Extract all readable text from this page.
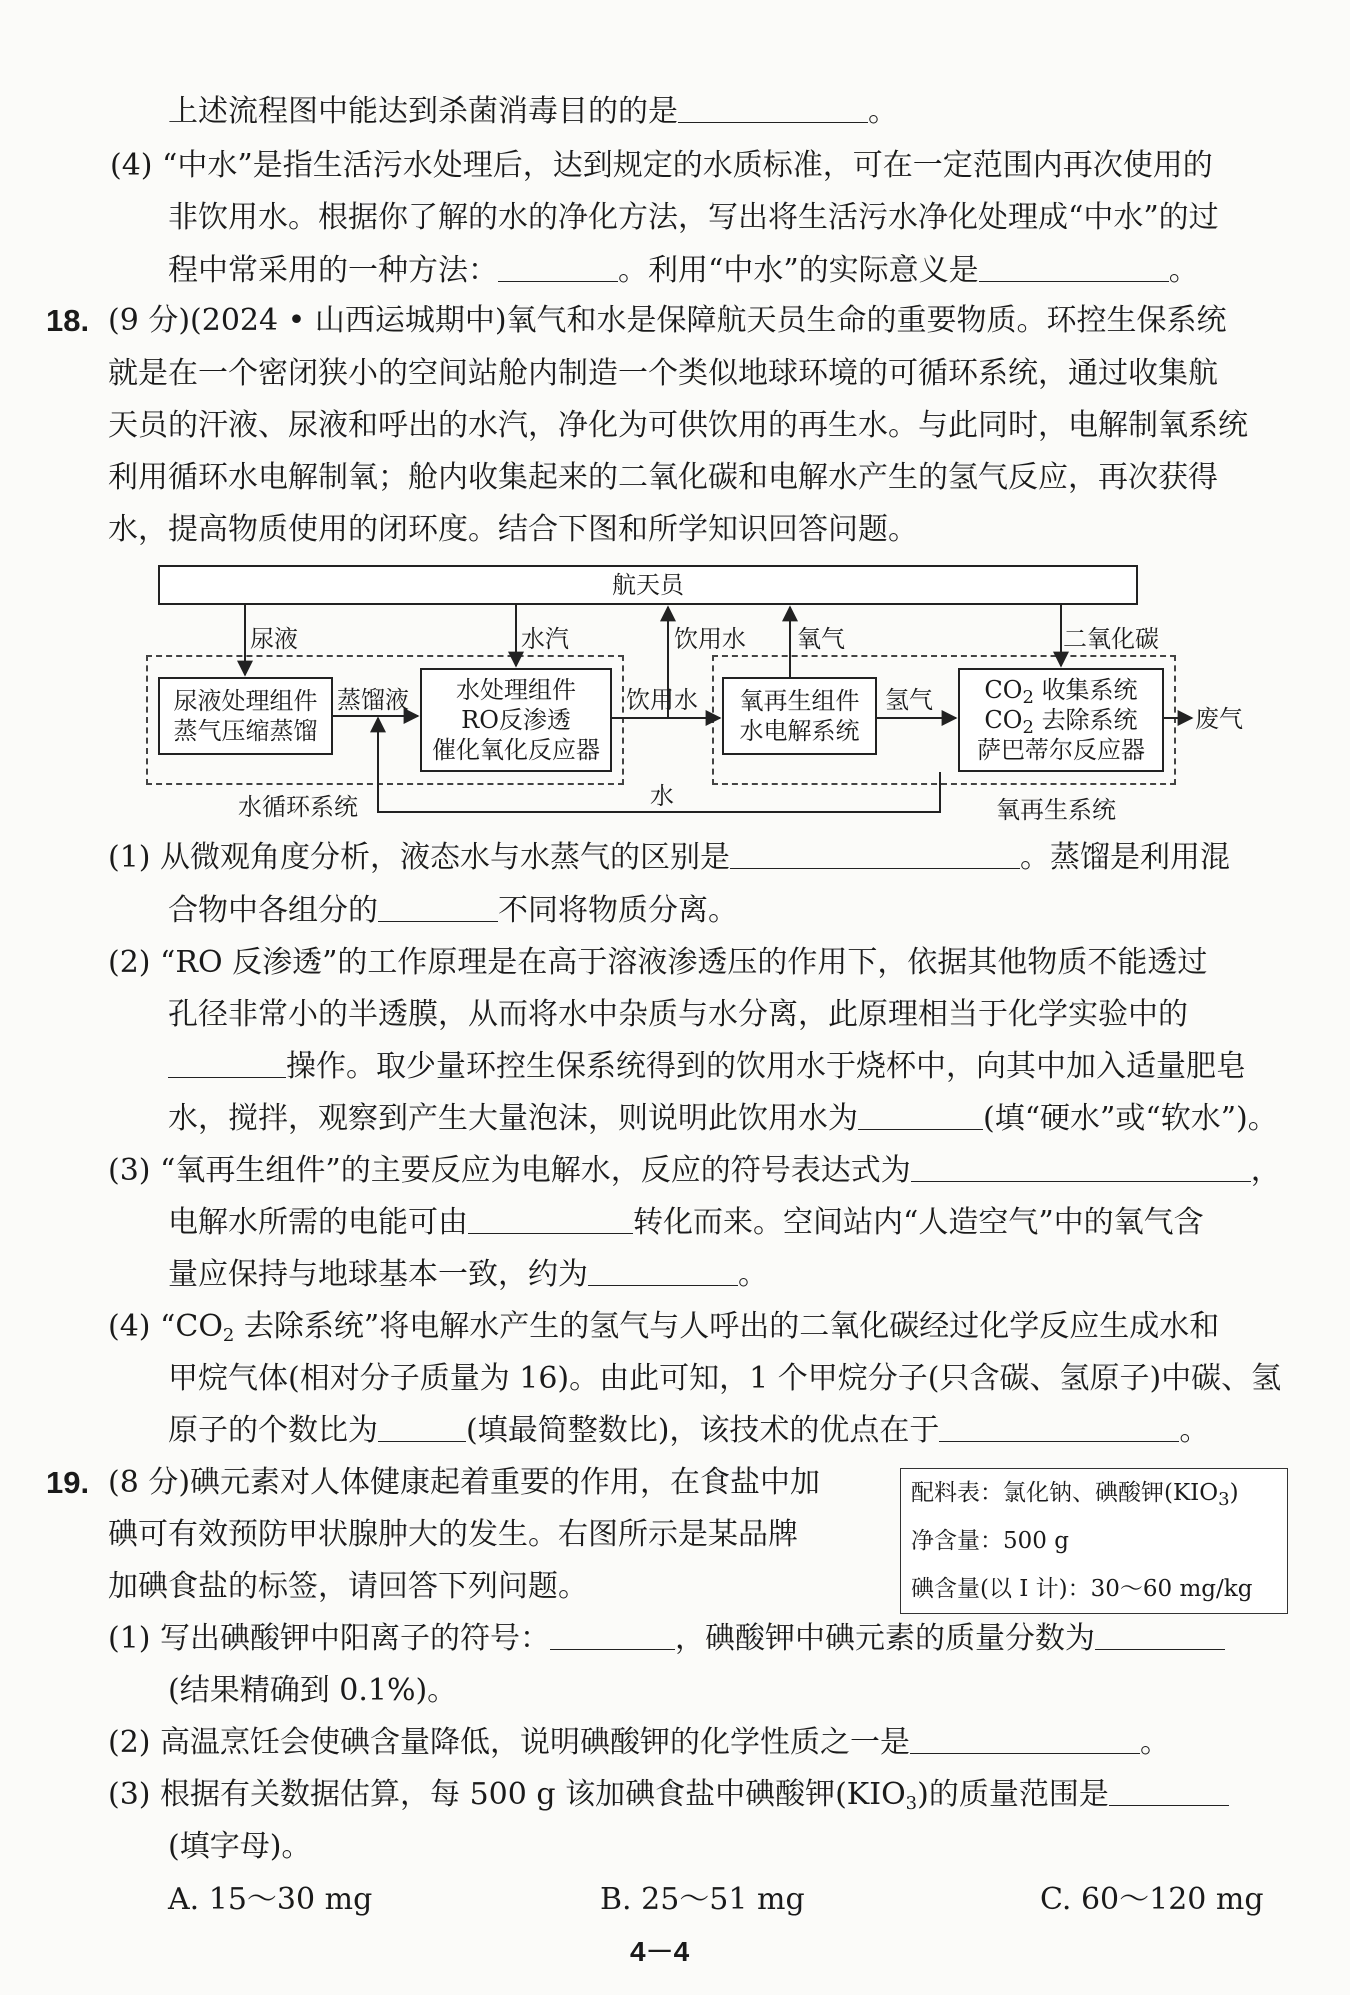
上述流程图中能达到杀菌消毒目的的是	。
(4) “中水”是指生活污水处理后，达到规定的水质标准，可在一定范围内再次使用的
非饮用水。根据你了解的水的净化方法，写出将生活污水净化处理成“中水”的过
程中常采用的一种方法：	。利用“中水”的实际意义是	。
18. (9 分)(2024 • 山西运城期中)氧气和水是保障航天员生命的重要物质。环控生保系统
就是在一个密闭狭小的空间站舱内制造一个类似地球环境的可循环系统，通过收集航
天员的汗液、尿液和呼出的水汽，净化为可供饮用的再生水。与此同时，电解制氧系统
利用循环水电解制氧；舱内收集起来的二氧化碳和电解水产生的氢气反应，再次获得
水，提高物质使用的闭环度。结合下图和所学知识回答问题。
航天员
尿液处理组件
蒸气压缩蒸馏
水处理组件
RO反渗透
催化氧化反应器
氧再生组件
水电解系统
$CO_2$ 收集系统
$CO_2$ 去除系统
萨巴蒂尔反应器
尿液	水汽	饮用水 氧气	二氧化碳
蒸馏液	饮用水	氢气
废气
水
水循环系统	氧再生系统
(1) 从微观角度分析，液态水与水蒸气的区别是	。蒸馏是利用混
合物中各组分的	不同将物质分离。
(2) “RO 反渗透”的工作原理是在高于溶液渗透压的作用下，依据其他物质不能透过
孔径非常小的半透膜，从而将水中杂质与水分离，此原理相当于化学实验中的
操作。取少量环控生保系统得到的饮用水于烧杯中，向其中加入适量肥皂
水，搅拌，观察到产生大量泡沫，则说明此饮用水为	(填“硬水”或“软水”)。
(3) “氧再生组件”的主要反应为电解水，反应的符号表达式为	，
电解水所需的电能可由	转化而来。空间站内“人造空气”中的氧气含
量应保持与地球基本一致，约为	。
(4) “$CO_2$ 去除系统”将电解水产生的氢气与人呼出的二氧化碳经过化学反应生成水和
甲烷气体(相对分子质量为 16)。由此可知，1 个甲烷分子(只含碳、氢原子)中碳、氢
原子的个数比为	(填最简整数比)，该技术的优点在于	。
19. (8 分)碘元素对人体健康起着重要的作用，在食盐中加
碘可有效预防甲状腺肿大的发生。右图所示是某品牌
加碘食盐的标签，请回答下列问题。
配料表：氯化钠、碘酸钾$(KIO_3)$
净含量：500 g
碘含量(以 I 计)：30～60 mg/kg
(1) 写出碘酸钾中阳离子的符号：	，碘酸钾中碘元素的质量分数为
(结果精确到 0.1%)。
(2) 高温烹饪会使碘含量降低，说明碘酸钾的化学性质之一是	。
(3) 根据有关数据估算，每 500 g 该加碘食盐中碘酸钾$(KIO_3)$的质量范围是
(填字母)。
A. 15～30 mg	B. 25～51 mg	C. 60～120 mg
4－4
